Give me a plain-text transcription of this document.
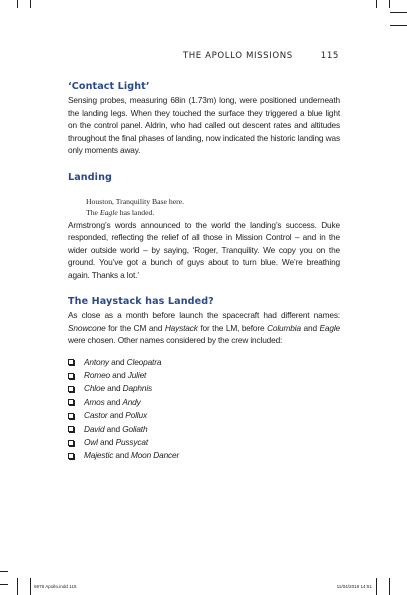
THE APOLLO MISSIONS	115
‘Contact Light’

Sensing probes, measuring 68in (1.73m) long, were positioned underneath the landing legs. When they touched the surface they triggered a blue light on the control panel. Aldrin, who had called out descent rates and altitudes throughout the final phases of landing, now indicated the historic landing was only moments away.

Landing
Houston, Tranquility Base here.
The Eagle has landed.

Armstrong’s words announced to the world the landing’s success. Duke responded, reflecting the relief of all those in Mission Control – and in the wider outside world – by saying, ‘Roger, Tranquility. We copy you on the ground. You’ve got a bunch of guys about to turn blue. We’re breathing again. Thanks a lot.’

The Haystack has Landed?

As close as a month before launch the spacecraft had different names: Snowcone for the CM and Haystack for the LM, before Columbia and Eagle were chosen. Other names considered by the crew included:

Antony and Cleopatra
Romeo and Juliet
Chloe and Daphnis
Amos and Andy
Castor and Pollux
David and Goliath
Owl and Pussycat
Majestic and Moon Dancer
6978 Apollo.indd 115	11/04/2019 14:51
